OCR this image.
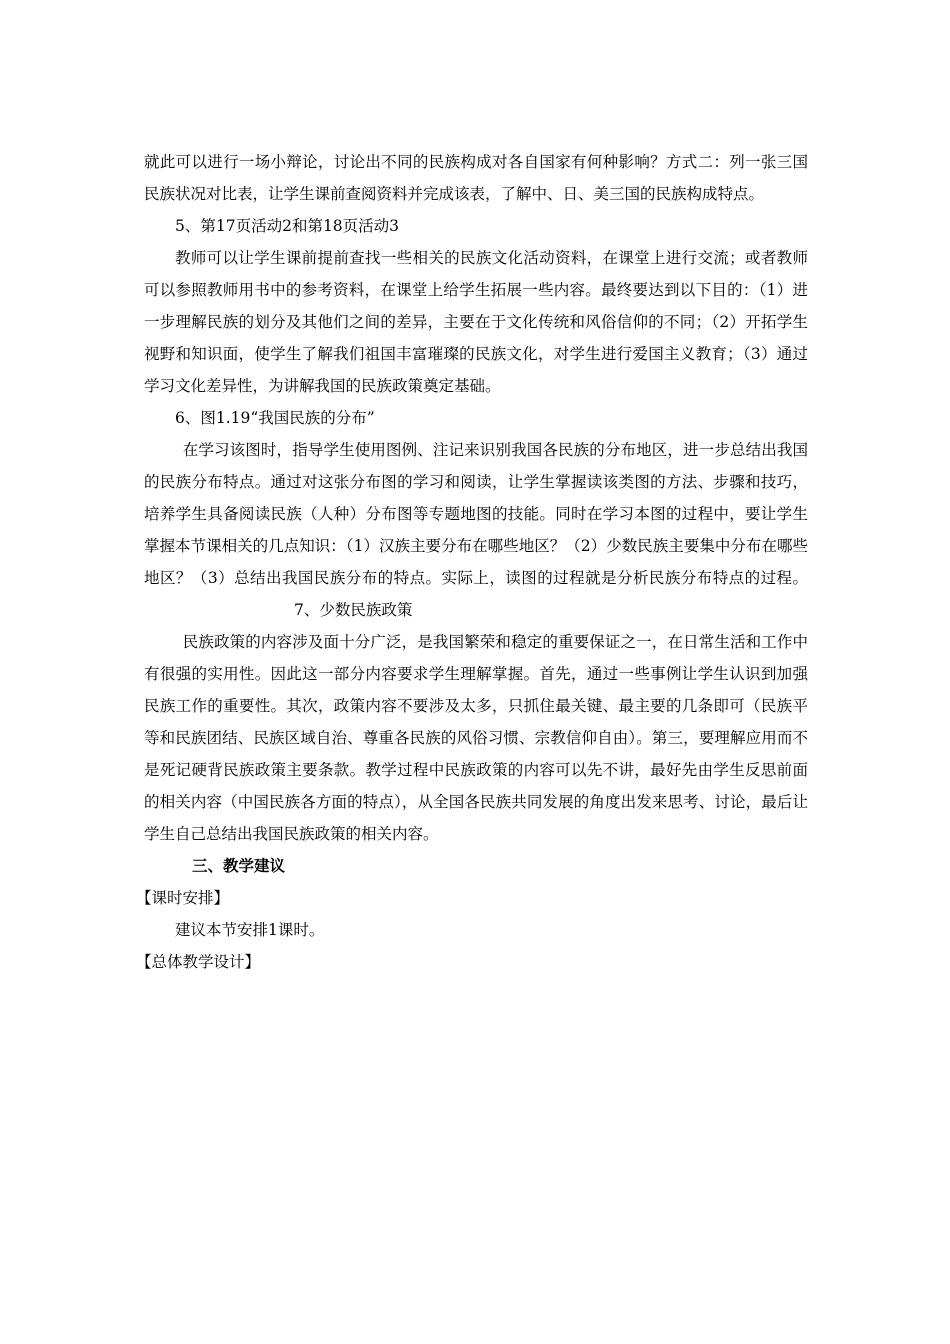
就此可以进行一场小辩论，讨论出不同的民族构成对各自国家有何种影响？方式二：列一张三国民族状况对比表，让学生课前查阅资料并完成该表，了解中、日、美三国的民族构成特点。

5、第17页活动2和第18页活动3

教师可以让学生课前提前查找一些相关的民族文化活动资料，在课堂上进行交流；或者教师可以参照教师用书中的参考资料，在课堂上给学生拓展一些内容。最终要达到以下目的：（1）进一步理解民族的划分及其他们之间的差异，主要在于文化传统和风俗信仰的不同；（2）开拓学生视野和知识面，使学生了解我们祖国丰富璀璨的民族文化，对学生进行爱国主义教育；（3）通过学习文化差异性，为讲解我国的民族政策奠定基础。

6、图1.19“我国民族的分布”

在学习该图时，指导学生使用图例、注记来识别我国各民族的分布地区，进一步总结出我国的民族分布特点。通过对这张分布图的学习和阅读，让学生掌握读该类图的方法、步骤和技巧，培养学生具备阅读民族（人种）分布图等专题地图的技能。同时在学习本图的过程中，要让学生掌握本节课相关的几点知识：（1）汉族主要分布在哪些地区？（2）少数民族主要集中分布在哪些地区？（3）总结出我国民族分布的特点。实际上，读图的过程就是分析民族分布特点的过程。7、少数民族政策

民族政策的内容涉及面十分广泛，是我国繁荣和稳定的重要保证之一，在日常生活和工作中有很强的实用性。因此这一部分内容要求学生理解掌握。首先，通过一些事例让学生认识到加强民族工作的重要性。其次，政策内容不要涉及太多，只抓住最关键、最主要的几条即可（民族平等和民族团结、民族区域自治、尊重各民族的风俗习惯、宗教信仰自由）。第三，要理解应用而不是死记硬背民族政策主要条款。教学过程中民族政策的内容可以先不讲，最好先由学生反思前面的相关内容（中国民族各方面的特点），从全国各民族共同发展的角度出发来思考、讨论，最后让学生自己总结出我国民族政策的相关内容。

三、教学建议

【课时安排】

建议本节安排1课时。

【总体教学设计】
